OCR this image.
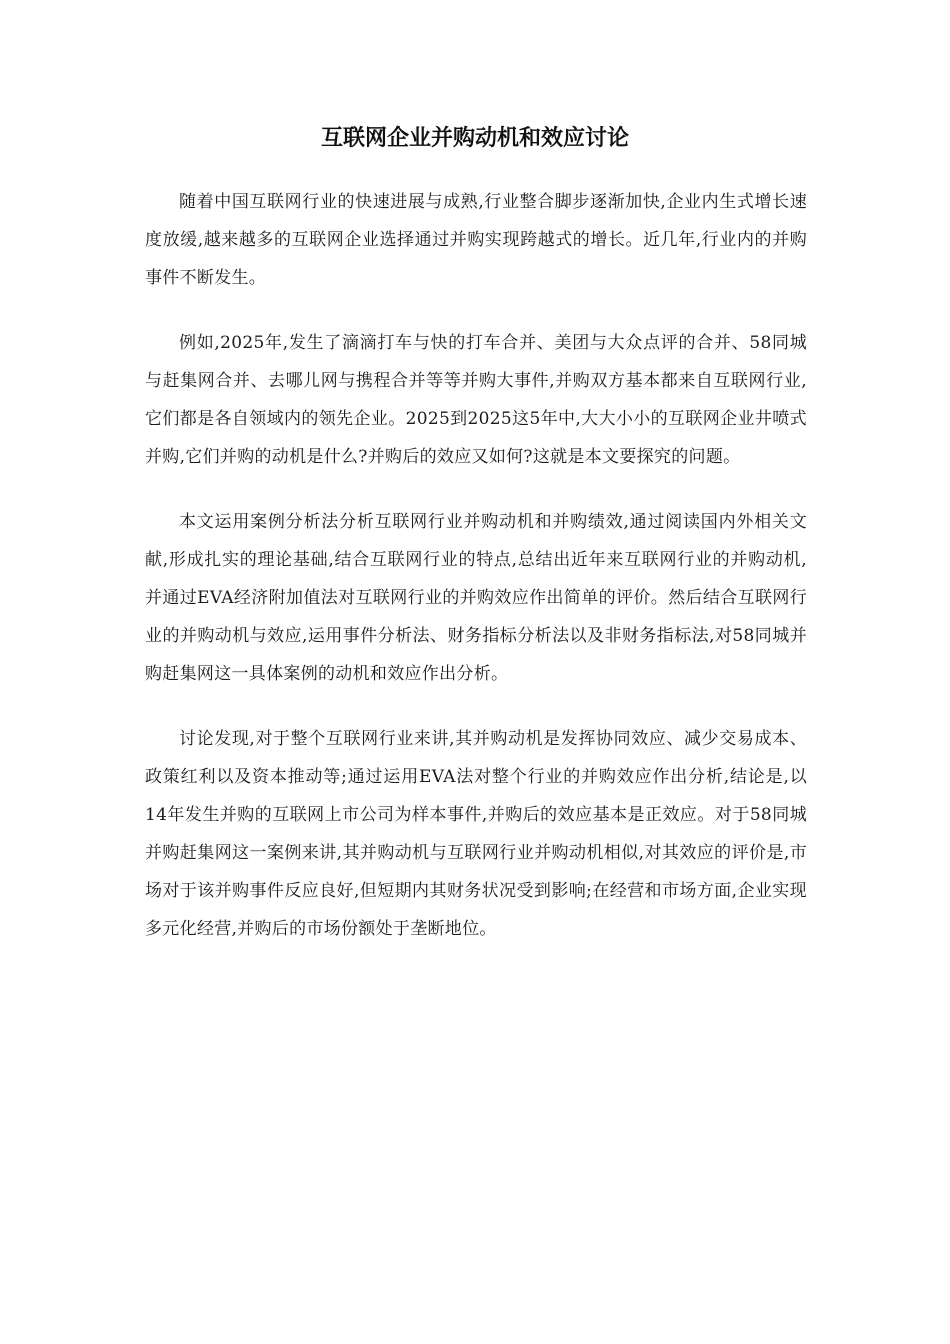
互联网企业并购动机和效应讨论

随着中国互联网行业的快速进展与成熟,行业整合脚步逐渐加快,企业内生式增长速度放缓,越来越多的互联网企业选择通过并购实现跨越式的增长。近几年,行业内的并购事件不断发生。

例如,2025年,发生了滴滴打车与快的打车合并、美团与大众点评的合并、58同城与赶集网合并、去哪儿网与携程合并等等并购大事件,并购双方基本都来自互联网行业,它们都是各自领域内的领先企业。2025到2025这5年中,大大小小的互联网企业井喷式并购,它们并购的动机是什么?并购后的效应又如何?这就是本文要探究的问题。

本文运用案例分析法分析互联网行业并购动机和并购绩效,通过阅读国内外相关文献,形成扎实的理论基础,结合互联网行业的特点,总结出近年来互联网行业的并购动机,并通过EVA经济附加值法对互联网行业的并购效应作出简单的评价。然后结合互联网行业的并购动机与效应,运用事件分析法、财务指标分析法以及非财务指标法,对58同城并购赶集网这一具体案例的动机和效应作出分析。

讨论发现,对于整个互联网行业来讲,其并购动机是发挥协同效应、减少交易成本、政策红利以及资本推动等;通过运用EVA法对整个行业的并购效应作出分析,结论是,以14年发生并购的互联网上市公司为样本事件,并购后的效应基本是正效应。对于58同城并购赶集网这一案例来讲,其并购动机与互联网行业并购动机相似,对其效应的评价是,市场对于该并购事件反应良好,但短期内其财务状况受到影响;在经营和市场方面,企业实现多元化经营,并购后的市场份额处于垄断地位。
